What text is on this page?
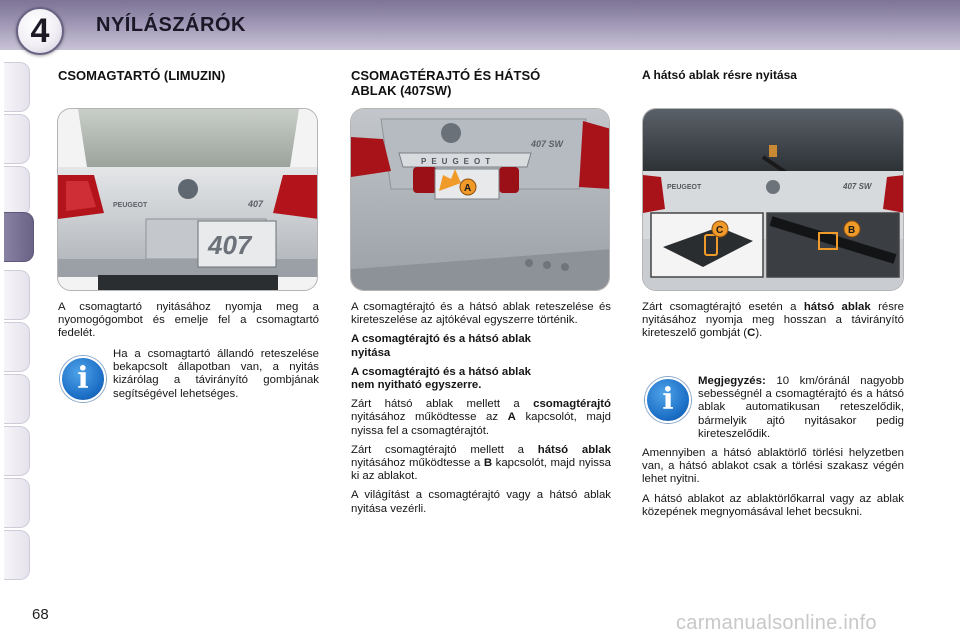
4	NYÍLÁSZÁRÓK
CSOMAGTARTÓ (LIMUZIN)
PEUGEOT	407
407

A csomagtartó nyitásához nyomja meg a nyomogógombot és emelje fel a csomagtartó fedelét.

i

Ha a csomagtartó állandó reteszelése bekapcsolt állapotban van, a nyitás kizárólag a távirányító gombjának segítségével lehetséges.

CSOMAGTÉRAJTÓ ÉS HÁTSÓ
ABLAK (407SW)
PEUGEOT
407 SW
A

A csomagtérajtó és a hátsó ablak reteszelése és kireteszelése az ajtókéval egyszerre történik.

A csomagtérajtó és a hátsó ablak
nyitása

A csomagtérajtó és a hátsó ablak
nem nyitható egyszerre.

Zárt hátsó ablak mellett a csomagtérajtó nyitásához működtesse az A kapcsolót, majd nyissa fel a csomagtérajtót.

Zárt csomagtérajtó mellett a hátsó ablak nyitásához működtesse a B kapcsolót, majd nyissa ki az ablakot.

A világítást a csomagtérajtó vagy a hátsó ablak nyitása vezérli.

A hátsó ablak résre nyitása
PEUGEOT	407 SW
C	B

Zárt csomagtérajtó esetén a hátsó ablak résre nyitásához nyomja meg hosszan a távirányító kireteszelő gombját (C).

i

Megjegyzés: 10 km/óránál nagyobb sebességnél a csomagtérajtó és a hátsó ablak automatikusan reteszelődik, bármelyik ajtó nyitásakor pedig kireteszelődik.

Amennyiben a hátsó ablaktörlő törlési helyzetben van, a hátsó ablakot csak a törlési szakasz végén lehet nyitni.

A hátsó ablakot az ablaktörlőkarral vagy az ablak közepének megnyomásával lehet becsukni.

68	carmanualsonline.info
